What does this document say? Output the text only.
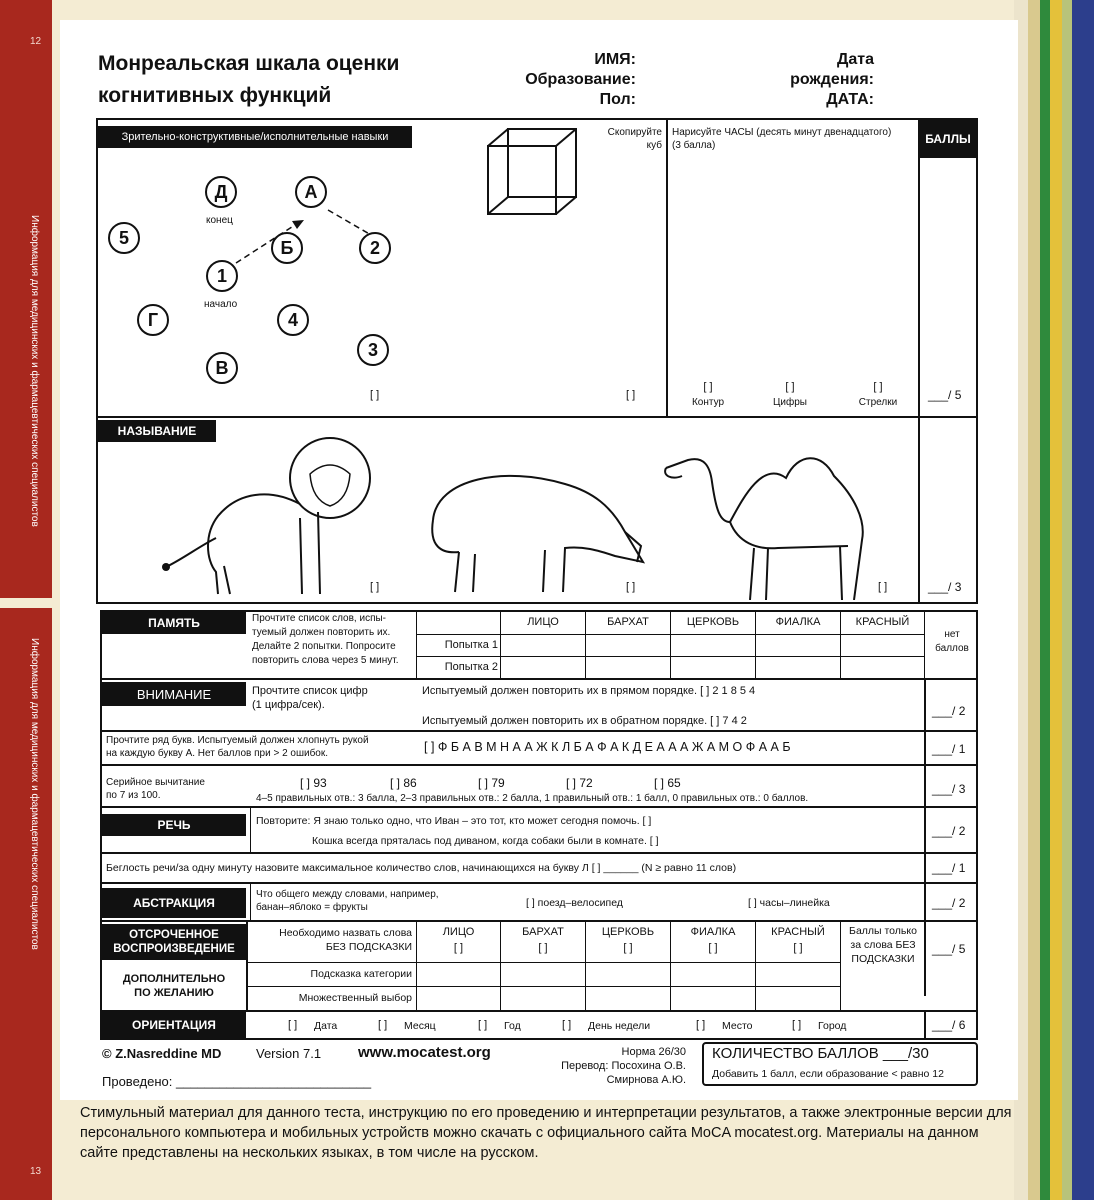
12
Информация для медицинских и фармацевтических специалистов
Информация для медицинских и фармацевтических специалистов
13
Монреальская шкала оценки
когнитивных функций
ИМЯ:
Образование:
Пол:
Дата
рождения:
ДАТА:
Зрительно-конструктивные/исполнительные навыки	БАЛЛЫ
Д	А
5	Б	2
1
Г	4
В
3
конец
начало
[ ]
Скопируйте
куб
[ ]
Нарисуйте ЧАСЫ (десять минут двенадцатого)
(3 балла)
[ ]	[ ]	[ ]
Контур	Цифры	Стрелки
___/ 5
НАЗЫВАНИЕ
[ ]	[ ]	[ ]	___/ 3
ПАМЯТЬ	Прочтите список слов, испы-
туемый должен повторить их.
Делайте 2 попытки. Попросите
повторить слова через 5 минут.
ЛИЦО	БАРХАТ	ЦЕРКОВЬ	ФИАЛКА	КРАСНЫЙ
Попытка 1
Попытка 2
нет
баллов
ВНИМАНИЕ	Прочтите список цифр
(1 цифра/сек).
Испытуемый должен повторить их в прямом порядке. [ ] 2 1 8 5 4
Испытуемый должен повторить их в обратном порядке. [ ] 7 4 2
___/ 2
Прочтите ряд букв. Испытуемый должен хлопнуть рукой
на каждую букву А. Нет баллов при > 2 ошибок.	[ ] Ф Б А В М Н А А Ж К Л Б А Ф А К Д Е А А А Ж А М О Ф А А Б	___/ 1
Серийное вычитание
по 7 из 100.
[ ] 93	[ ] 86	[ ] 79	[ ] 72	[ ] 65
4–5 правильных отв.: 3 балла, 2–3 правильных отв.: 2 балла, 1 правильный отв.: 1 балл, 0 правильных отв.: 0 баллов.
___/ 3
РЕЧЬ	Повторите: Я знаю только одно, что Иван – это тот, кто может сегодня помочь. [ ]
Кошка всегда пряталась под диваном, когда собаки были в комнате. [ ]
___/ 2
Беглость речи/за одну минуту назовите максимальное количество слов, начинающихся на букву Л [ ] ______ (N ≥ равно 11 слов)	___/ 1
АБСТРАКЦИЯ
Что общего между словами, например,
банан–яблоко = фрукты	[ ] поезд–велосипед	[ ] часы–линейка	___/ 2
ОТСРОЧЕННОЕ
ВОСПРОИЗВЕДЕНИЕ
ДОПОЛНИТЕЛЬНО
ПО ЖЕЛАНИЮ
Необходимо назвать слова
БЕЗ ПОДСКАЗКИ
ЛИЦО	БАРХАТ	ЦЕРКОВЬ	ФИАЛКА	КРАСНЫЙ
[ ]	[ ]	[ ]	[ ]	[ ]
Подсказка категории
Множественный выбор
Баллы только
за слова БЕЗ
ПОДСКАЗКИ
___/ 5
ОРИЕНТАЦИЯ	[ ] Дата	[ ] Месяц	[ ] Год	[ ] День недели	[ ] Место	[ ] Город	___/ 6
© Z.Nasreddine MD	Version 7.1 www.mocatest.org
Проведено: ___________________________
Норма 26/30
Перевод: Посохина О.В.
Смирнова А.Ю.
КОЛИЧЕСТВО БАЛЛОВ ___/30
Добавить 1 балл, если образование < равно 12
Стимульный материал для данного теста, инструкцию по его проведению и интерпретации результатов, а также электронные версии для персонального компьютера и мобильных устройств можно скачать с официального сайта MoCA mocatest.org. Материалы на данном сайте представлены на нескольких языках, в том числе на русском.
